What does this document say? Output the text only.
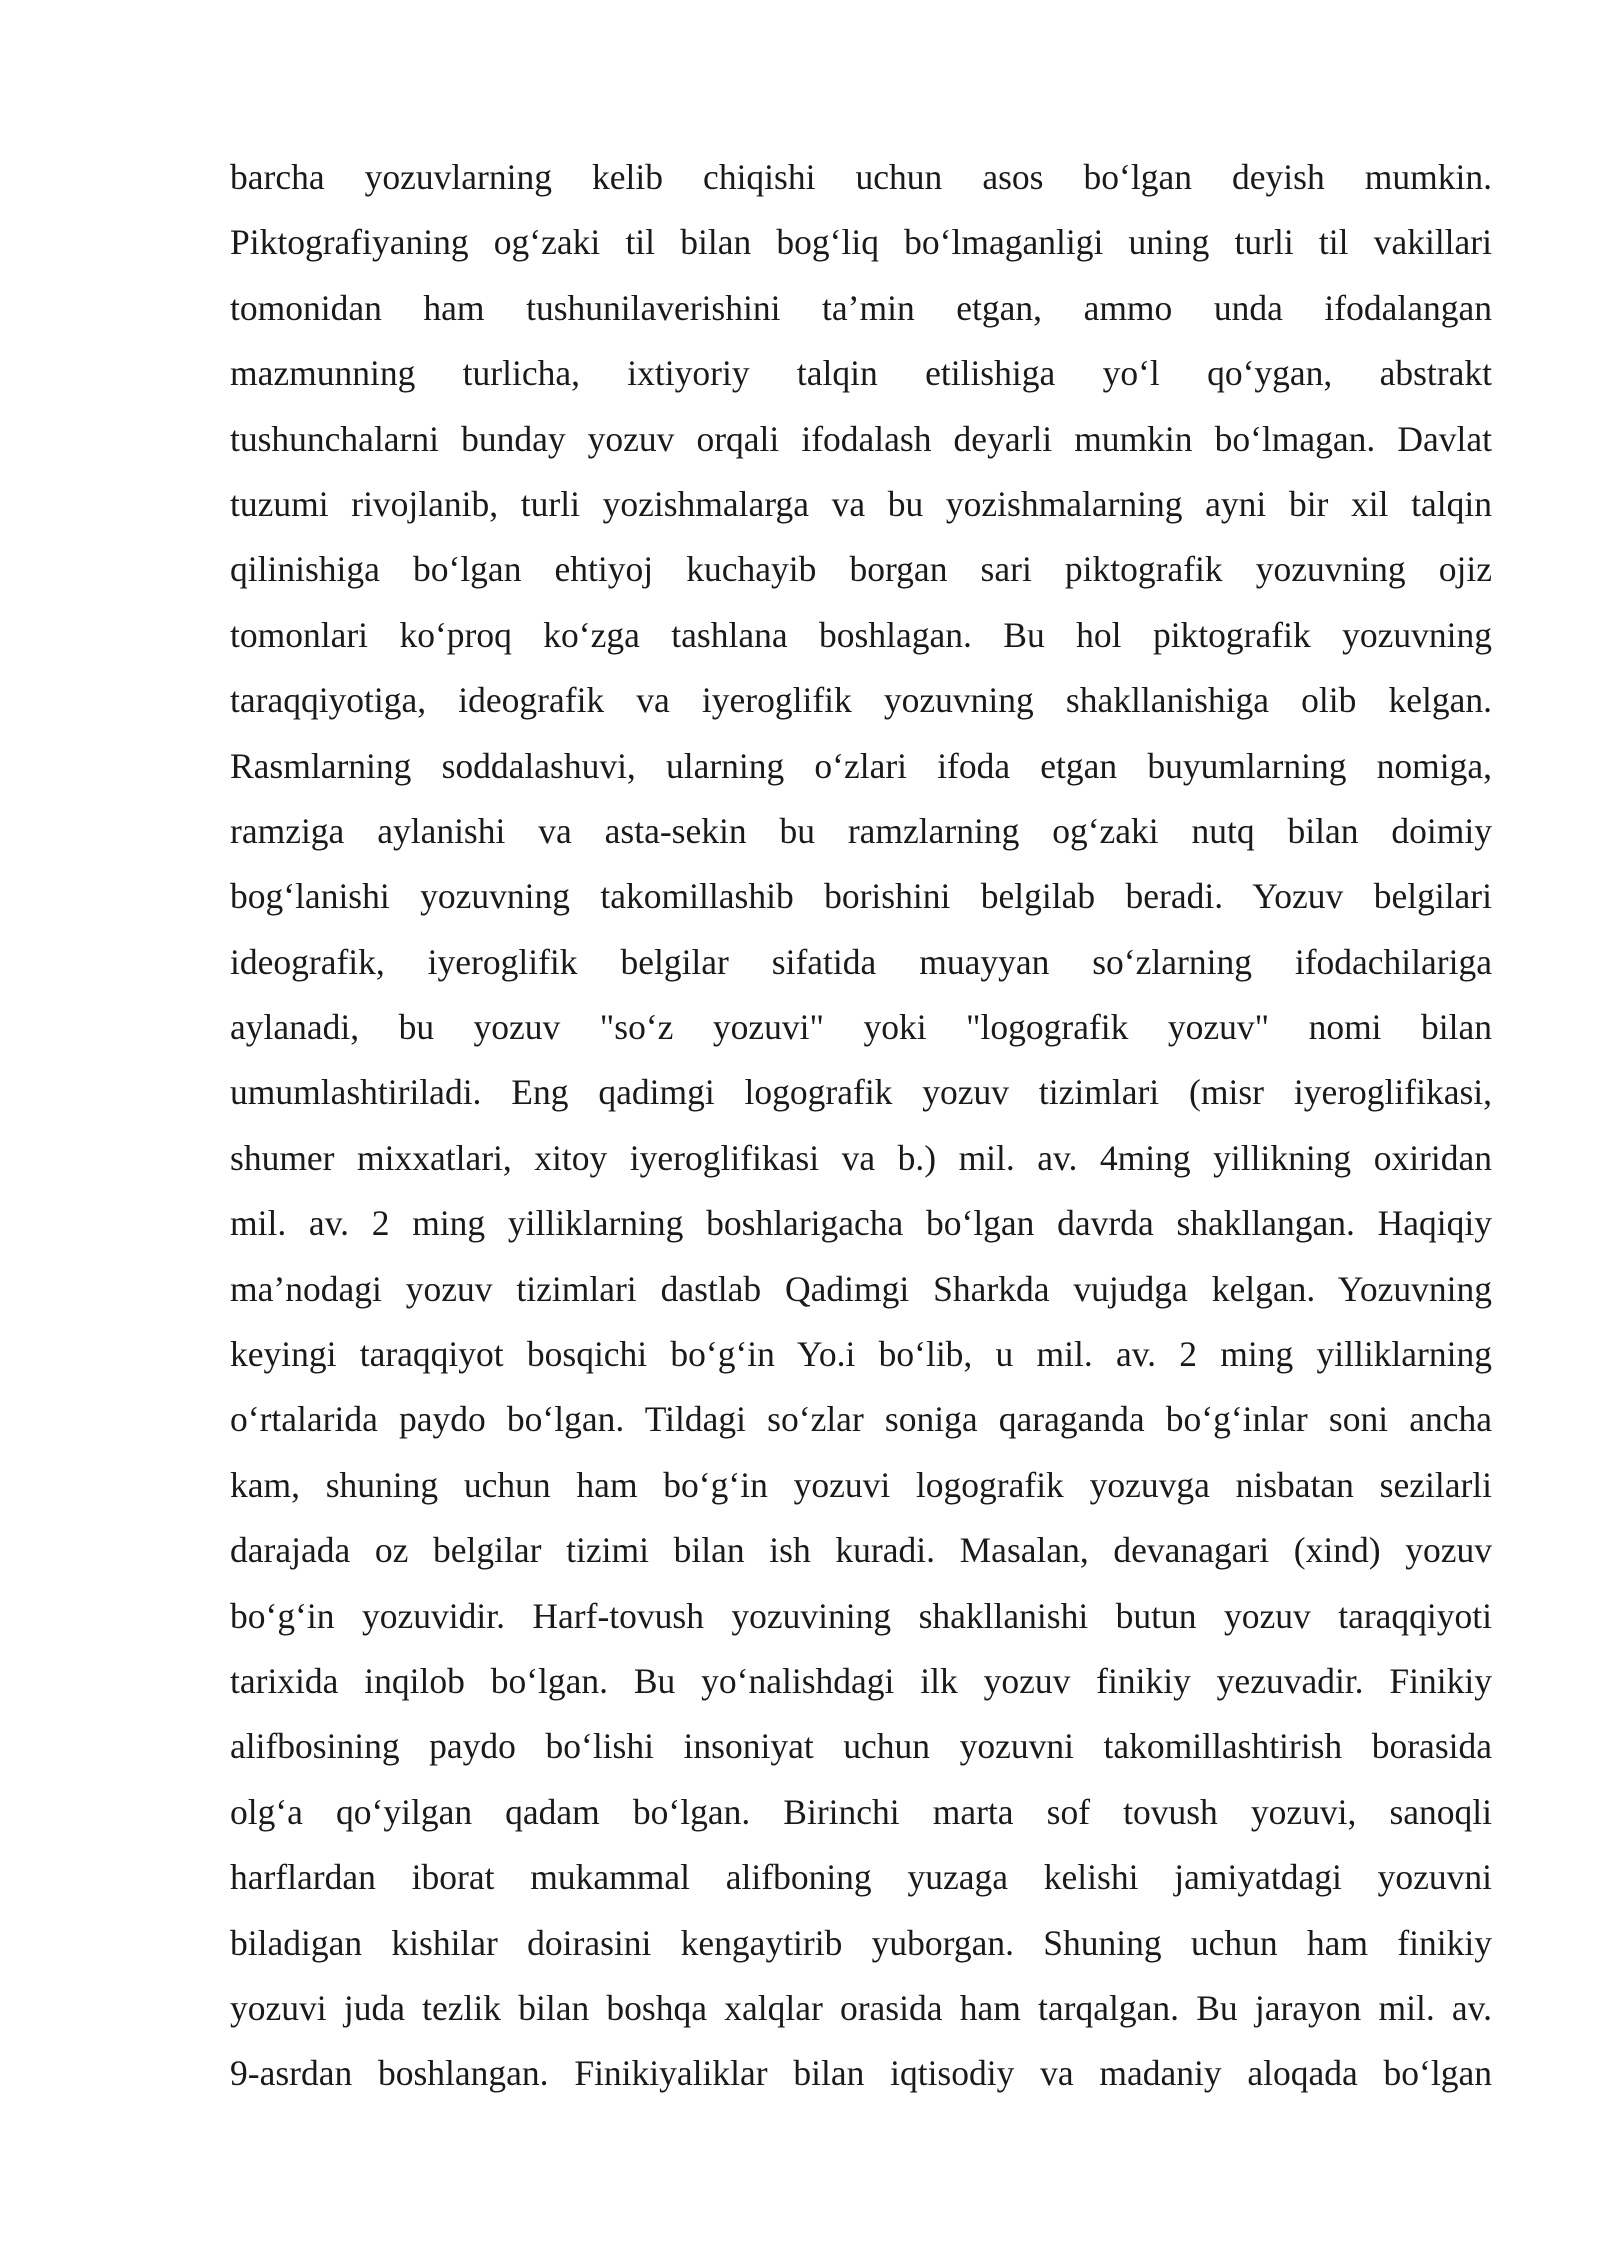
barcha yozuvlarning kelib chiqishi uchun asos bo‘lgan deyish mumkin.
Piktografiyaning og‘zaki til bilan bog‘liq bo‘lmaganligi uning turli til vakillari
tomonidan ham tushunilaverishini ta’min etgan, ammo unda ifodalangan
mazmunning turlicha, ixtiyoriy talqin etilishiga yo‘l qo‘ygan, abstrakt
tushunchalarni bunday yozuv orqali ifodalash deyarli mumkin bo‘lmagan. Davlat
tuzumi rivojlanib, turli yozishmalarga va bu yozishmalarning ayni bir xil talqin
qilinishiga bo‘lgan ehtiyoj kuchayib borgan sari piktografik yozuvning ojiz
tomonlari ko‘proq ko‘zga tashlana boshlagan. Bu hol piktografik yozuvning
taraqqiyotiga, ideografik va iyeroglifik yozuvning shakllanishiga olib kelgan.
Rasmlarning soddalashuvi, ularning o‘zlari ifoda etgan buyumlarning nomiga,
ramziga aylanishi va asta-sekin bu ramzlarning og‘zaki nutq bilan doimiy
bog‘lanishi yozuvning takomillashib borishini belgilab beradi. Yozuv belgilari
ideografik, iyeroglifik belgilar sifatida muayyan so‘zlarning ifodachilariga
aylanadi, bu yozuv "so‘z yozuvi" yoki "logografik yozuv" nomi bilan
umumlashtiriladi. Eng qadimgi logografik yozuv tizimlari (misr iyeroglifikasi,
shumer mixxatlari, xitoy iyeroglifikasi va b.) mil. av. 4ming yillikning oxiridan
mil. av. 2 ming yilliklarning boshlarigacha bo‘lgan davrda shakllangan. Haqiqiy
ma’nodagi yozuv tizimlari dastlab Qadimgi Sharkda vujudga kelgan. Yozuvning
keyingi taraqqiyot bosqichi bo‘g‘in Yo.i bo‘lib, u mil. av. 2 ming yilliklarning
o‘rtalarida paydo bo‘lgan. Tildagi so‘zlar soniga qaraganda bo‘g‘inlar soni ancha
kam, shuning uchun ham bo‘g‘in yozuvi logografik yozuvga nisbatan sezilarli
darajada oz belgilar tizimi bilan ish kuradi. Masalan, devanagari (xind) yozuv
bo‘g‘in yozuvidir. Harf-tovush yozuvining shakllanishi butun yozuv taraqqiyoti
tarixida inqilob bo‘lgan. Bu yo‘nalishdagi ilk yozuv finikiy yezuvadir. Finikiy
alifbosining paydo bo‘lishi insoniyat uchun yozuvni takomillashtirish borasida
olg‘a qo‘yilgan qadam bo‘lgan. Birinchi marta sof tovush yozuvi, sanoqli
harflardan iborat mukammal alifboning yuzaga kelishi jamiyatdagi yozuvni
biladigan kishilar doirasini kengaytirib yuborgan. Shuning uchun ham finikiy
yozuvi juda tezlik bilan boshqa xalqlar orasida ham tarqalgan. Bu jarayon mil. av.
9-asrdan boshlangan. Finikiyaliklar bilan iqtisodiy va madaniy aloqada bo‘lgan
